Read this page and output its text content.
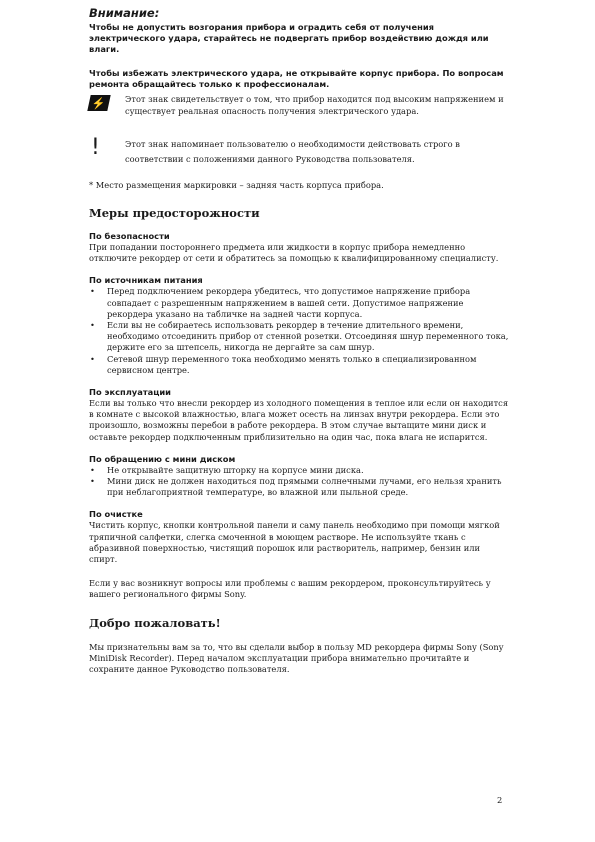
Внимание:

Чтобы не допустить возгорания прибора и оградить себя от получения электрического удара, старайтесь не подвергать прибор воздействию дождя или влаги.

Чтобы избежать электрического удара, не открывайте корпус прибора. По вопросам ремонта обращайтесь только к профессионалам.

⚡ Этот знак свидетельствует о том, что прибор находится под высоким напряжением и существует реальная опасность получения электрического удара.
!	Этот знак напоминает пользователю о необходимости действовать строго в соответствии с положениями данного Руководства пользователя.

* Место размещения маркировки – задняя часть корпуса прибора.

Меры предосторожности
По безопасности

При попадании постороннего предмета или жидкости в корпус прибора немедленно отключите рекордер от сети и обратитесь за помощью к квалифицированному специалисту.

По источникам питания
• Перед подключением рекордера убедитесь, что допустимое напряжение прибора совпадает с разрешенным напряжением в вашей сети. Допустимое напряжение рекордера указано на табличке на задней части корпуса.
• Если вы не собираетесь использовать рекордер в течение длительного времени, необходимо отсоединить прибор от стенной розетки. Отсоединяя шнур переменного тока, держите его за штепсель, никогда не дергайте за сам шнур.
• Сетевой шнур переменного тока необходимо менять только в специализированном сервисном центре.
По эксплуатации

Если вы только что внесли рекордер из холодного помещения в теплое или если он находится в комнате с высокой влажностью, влага может осесть на линзах внутри рекордера. Если это произошло, возможны перебои в работе рекордера. В этом случае вытащите мини диск и оставьте рекордер подключенным приблизительно на один час, пока влага не испарится.

По обращению с мини диском
• Не открывайте защитную шторку на корпусе мини диска.
• Мини диск не должен находиться под прямыми солнечными лучами, его нельзя хранить при неблагоприятной температуре, во влажной или пыльной среде.
По очистке

Чистить корпус, кнопки контрольной панели и саму панель необходимо при помощи мягкой тряпичной салфетки, слегка смоченной в моющем растворе. Не используйте ткань с абразивной поверхностью, чистящий порошок или растворитель, например, бензин или спирт.

Если у вас возникнут вопросы или проблемы с вашим рекордером, проконсультируйтесь у вашего регионального фирмы Sony.

Добро пожаловать!

Мы признательны вам за то, что вы сделали выбор в пользу MD рекордера фирмы Sony (Sony MiniDisk Recorder). Перед началом эксплуатации прибора внимательно прочитайте и сохраните данное Руководство пользователя.

2
